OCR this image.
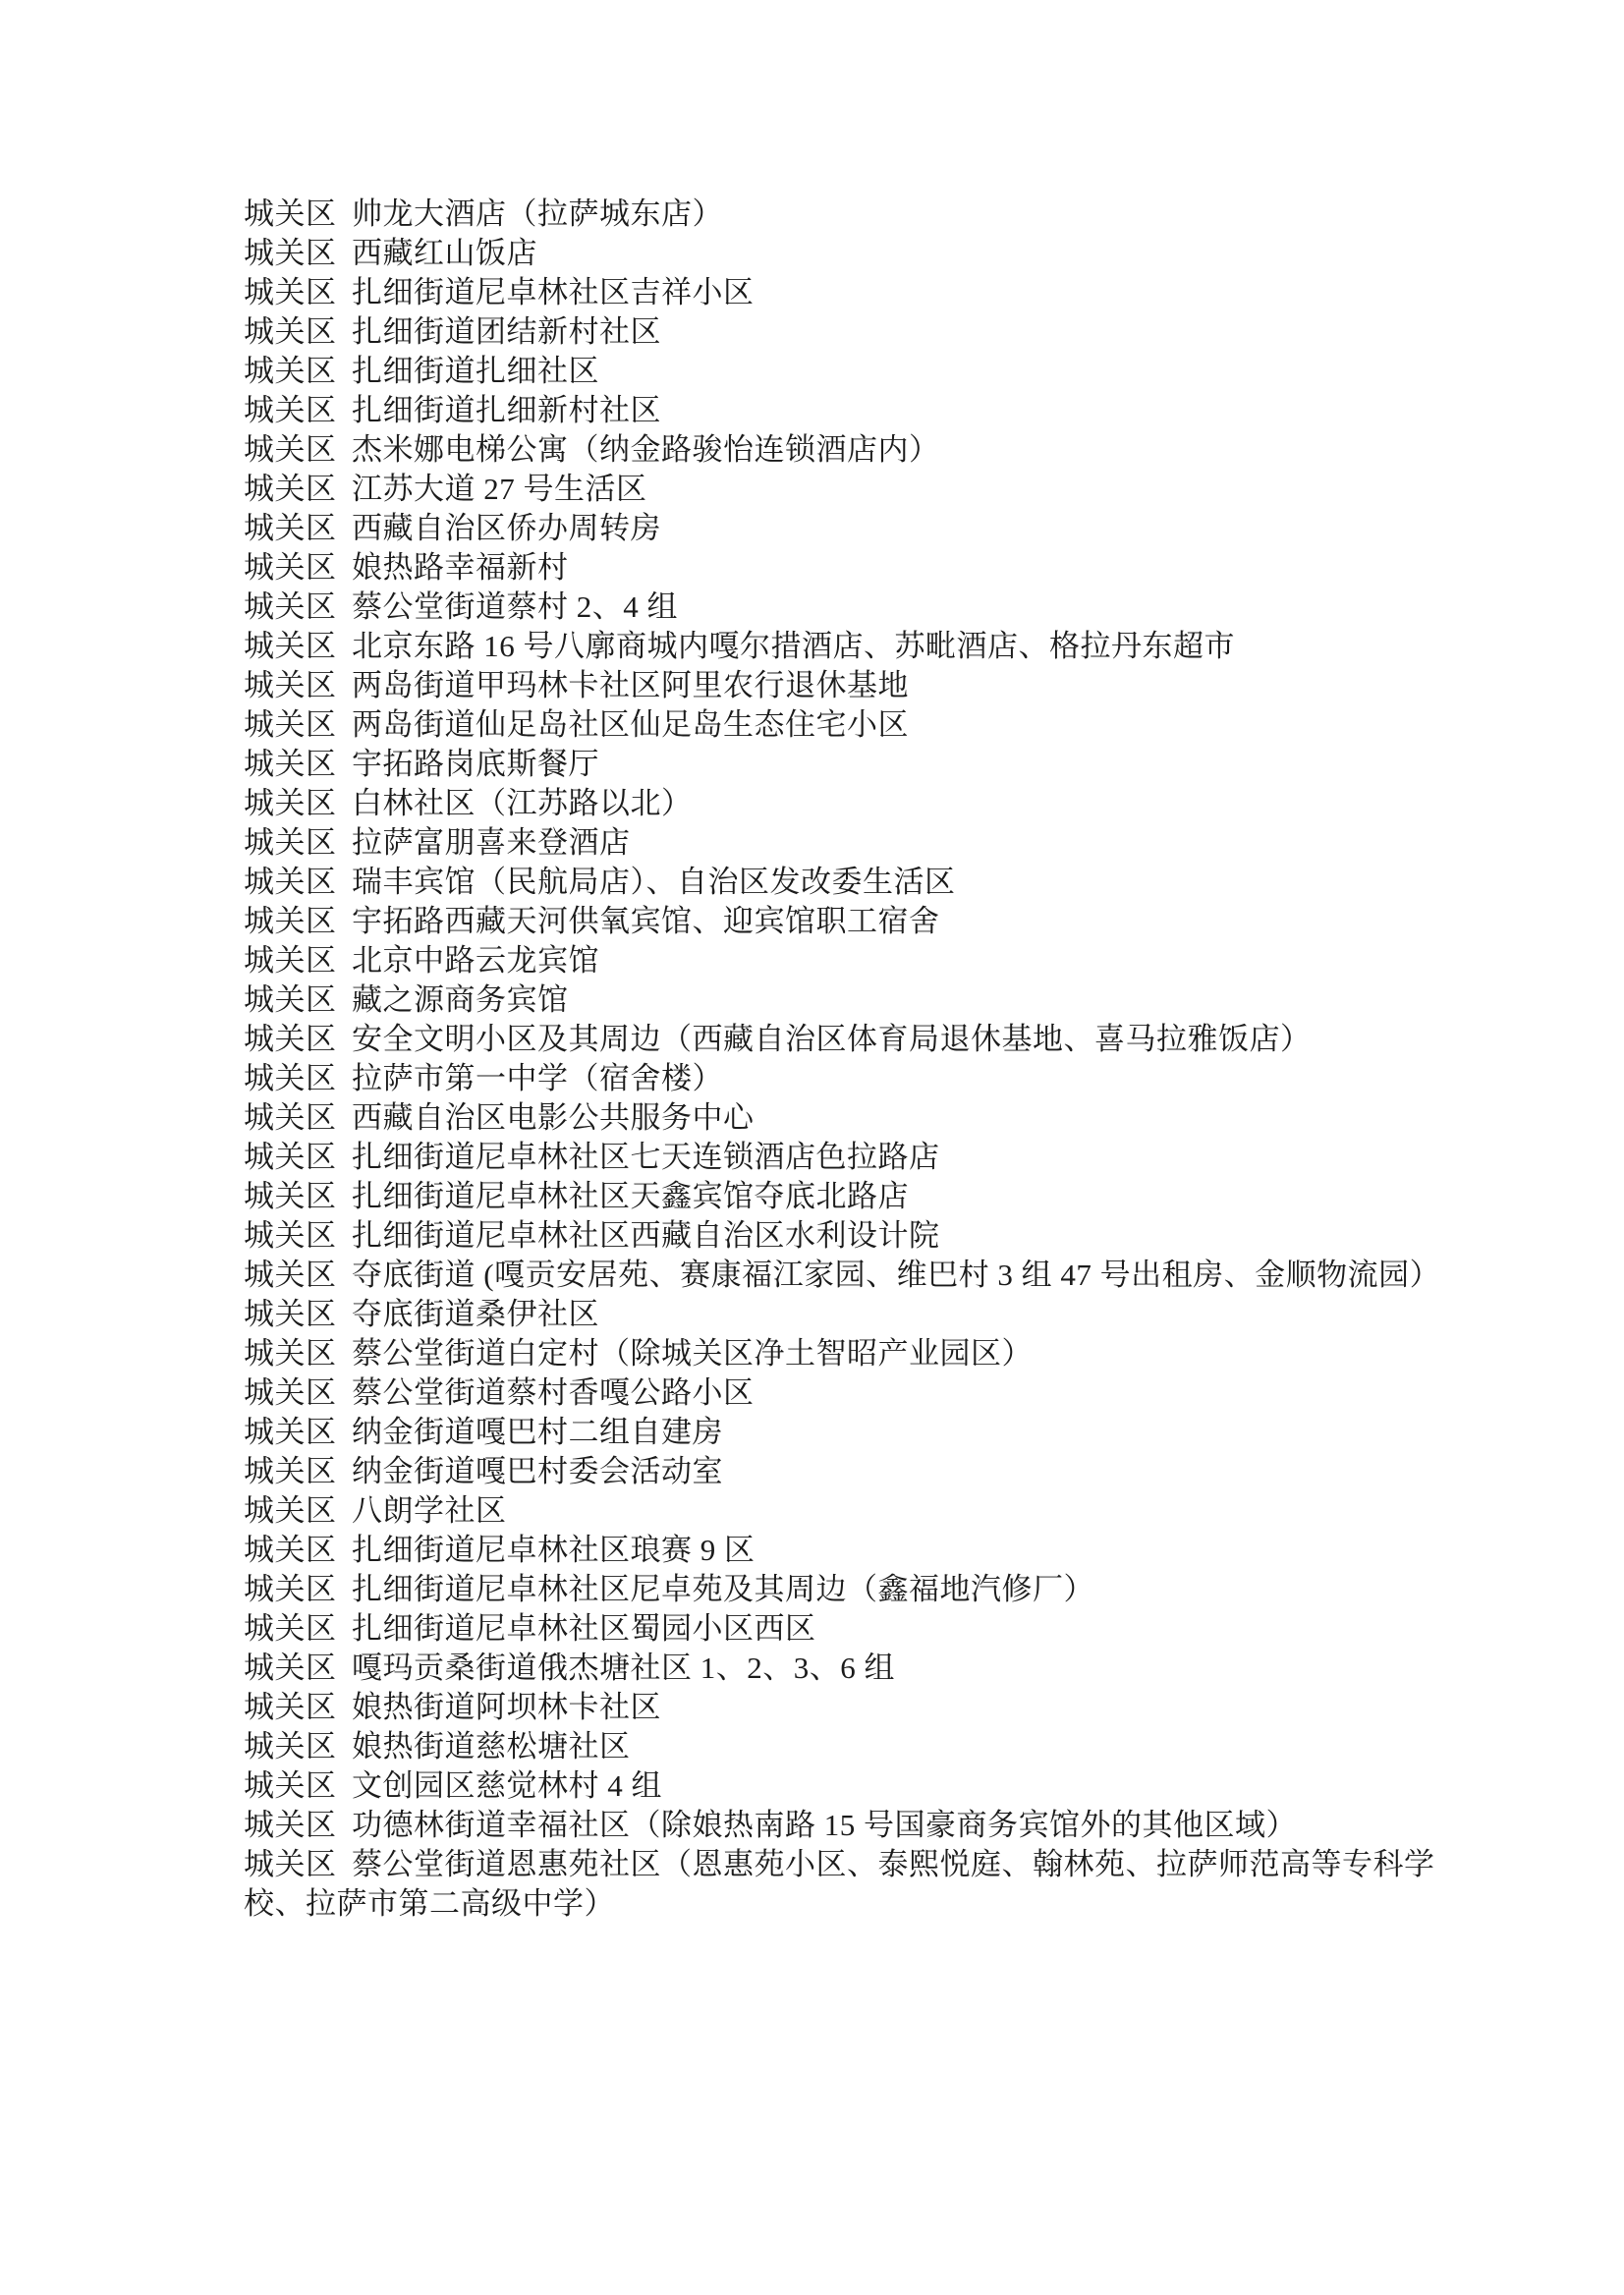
城关区 帅龙大酒店（拉萨城东店）

城关区 西藏红山饭店

城关区 扎细街道尼卓林社区吉祥小区

城关区 扎细街道团结新村社区

城关区 扎细街道扎细社区

城关区 扎细街道扎细新村社区

城关区 杰米娜电梯公寓（纳金路骏怡连锁酒店内）

城关区 江苏大道 27 号生活区

城关区 西藏自治区侨办周转房

城关区 娘热路幸福新村

城关区 蔡公堂街道蔡村 2、4 组

城关区 北京东路 16 号八廓商城内嘎尔措酒店、苏毗酒店、格拉丹东超市

城关区 两岛街道甲玛林卡社区阿里农行退休基地

城关区 两岛街道仙足岛社区仙足岛生态住宅小区

城关区 宇拓路岗底斯餐厅

城关区 白林社区（江苏路以北）

城关区 拉萨富朋喜来登酒店

城关区 瑞丰宾馆（民航局店）、自治区发改委生活区

城关区 宇拓路西藏天河供氧宾馆、迎宾馆职工宿舍

城关区 北京中路云龙宾馆

城关区 藏之源商务宾馆

城关区 安全文明小区及其周边（西藏自治区体育局退休基地、喜马拉雅饭店）

城关区 拉萨市第一中学（宿舍楼）

城关区 西藏自治区电影公共服务中心

城关区 扎细街道尼卓林社区七天连锁酒店色拉路店

城关区 扎细街道尼卓林社区天鑫宾馆夺底北路店

城关区 扎细街道尼卓林社区西藏自治区水利设计院

城关区 夺底街道 (嘎贡安居苑、赛康福江家园、维巴村 3 组 47 号出租房、金顺物流园）

城关区 夺底街道桑伊社区

城关区 蔡公堂街道白定村（除城关区净土智昭产业园区）

城关区 蔡公堂街道蔡村香嘎公路小区

城关区 纳金街道嘎巴村二组自建房

城关区 纳金街道嘎巴村委会活动室

城关区 八朗学社区

城关区 扎细街道尼卓林社区琅赛 9 区

城关区 扎细街道尼卓林社区尼卓苑及其周边（鑫福地汽修厂）

城关区 扎细街道尼卓林社区蜀园小区西区

城关区 嘎玛贡桑街道俄杰塘社区 1、2、3、6 组

城关区 娘热街道阿坝林卡社区

城关区 娘热街道慈松塘社区

城关区 文创园区慈觉林村 4 组

城关区 功德林街道幸福社区（除娘热南路 15 号国豪商务宾馆外的其他区域）

城关区 蔡公堂街道恩惠苑社区（恩惠苑小区、泰熙悦庭、翰林苑、拉萨师范高等专科学校、拉萨市第二高级中学）
